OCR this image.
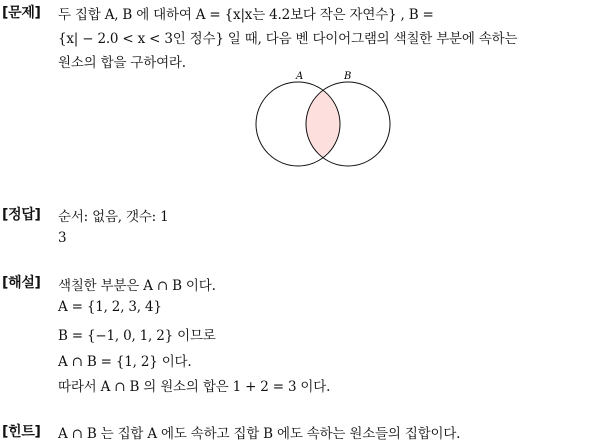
[문제] 두 집합 A, B 에 대하여 A = {x|x는 4.2보다 작은 자연수} , B =
{x| − 2.0 < x < 3인 정수} 일 때, 다음 벤 다이어그램의 색칠한 부분에 속하는
원소의 합을 구하여라.
A	B
[정답] 순서: 없음, 갯수: 1
3
[해설] 색칠한 부분은 A ∩ B 이다.
A = {1, 2, 3, 4}
B = {−1, 0, 1, 2} 이므로
A ∩ B = {1, 2} 이다.
따라서 A ∩ B 의 원소의 합은 1 + 2 = 3 이다.
[힌트] A ∩ B 는 집합 A 에도 속하고 집합 B 에도 속하는 원소들의 집합이다.
